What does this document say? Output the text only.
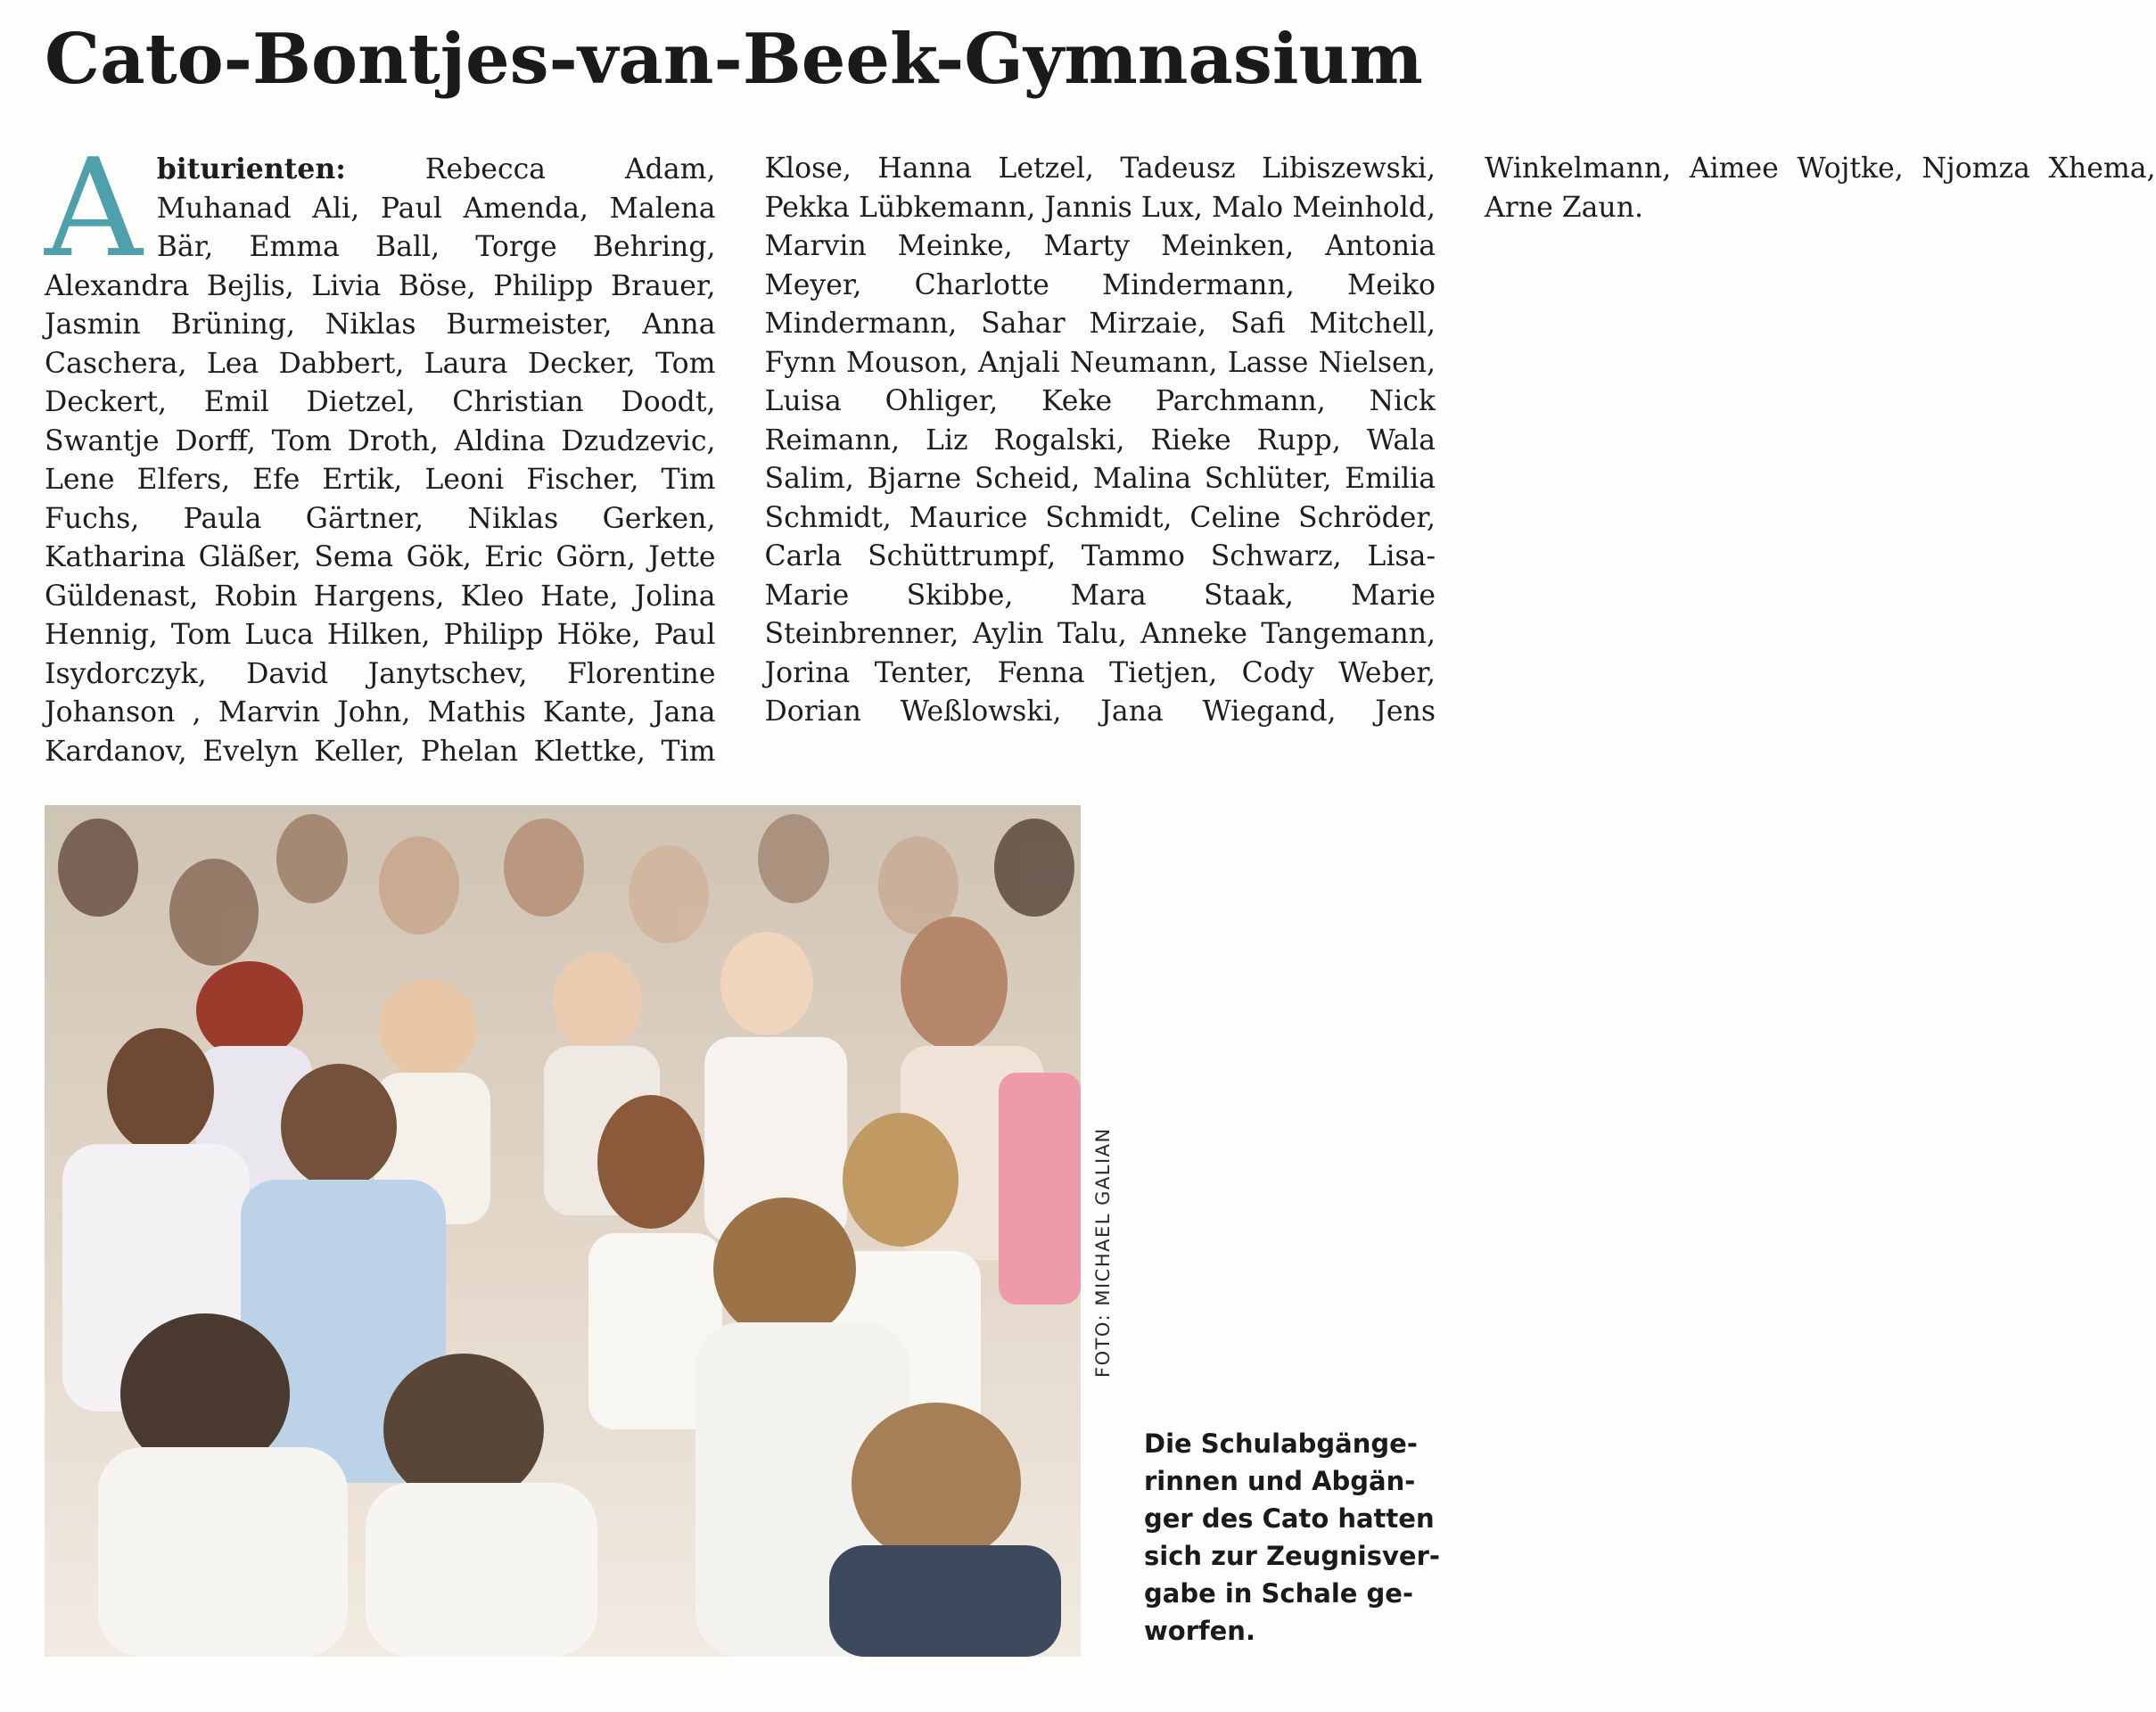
Cato-Bontjes-van-Beek-Gymnasium

Abiturienten:	Rebecca Adam, Muhanad Ali, Paul Amenda, Malena Bär, Emma Ball, Torge Behring, Alexandra Bejlis, Livia Böse, Philipp Brauer, Jasmin Brüning, Niklas Burmeister, Anna Caschera, Lea Dabbert, Laura Decker, Tom Deckert, Emil Dietzel, Christian Doodt, Swantje Dorff, Tom Droth, Aldina Dzudzevic, Lene Elfers, Efe Ertik, Leoni Fischer, Tim Fuchs, Paula Gärtner, Niklas Gerken, Katharina Gläßer, Sema Gök, Eric Görn, Jette Güldenast, Robin Hargens, Kleo Hate, Jolina Hennig, Tom Luca Hilken, Philipp Höke, Paul Isydorczyk, David Janytschev, Florentine Johanson , Marvin John, Mathis Kante, Jana Kardanov, Evelyn Keller, Phelan Klettke, Tim Klose, Hanna Letzel, Tadeusz Libiszewski, Pekka Lübkemann, Jannis Lux, Malo Meinhold, Marvin Meinke, Marty Meinken, Antonia Meyer, Charlotte Mindermann, Meiko Mindermann, Sahar Mirzaie, Safi Mitchell, Fynn Mouson, Anjali Neumann, Lasse Nielsen, Luisa Ohliger, Keke Parchmann, Nick Reimann, Liz Rogalski, Rieke Rupp, Wala Salim, Bjarne Scheid, Malina Schlüter, Emilia Schmidt, Maurice Schmidt, Celine Schröder, Carla Schüttrumpf, Tammo Schwarz, Lisa-Marie Skibbe, Mara Staak, Marie Steinbrenner, Aylin Talu, Anneke Tangemann, Jorina Tenter, Fenna Tietjen, Cody Weber, Dorian Weßlowski, Jana Wiegand, Jens Winkelmann, Aimee Wojtke, Njomza Xhema, Arne Zaun.

FOTO: MICHAEL GALIAN

Die Schulabgänge-
rinnen und Abgän-
ger des Cato hatten
sich zur Zeugnisver-
gabe in Schale ge-
worfen.
